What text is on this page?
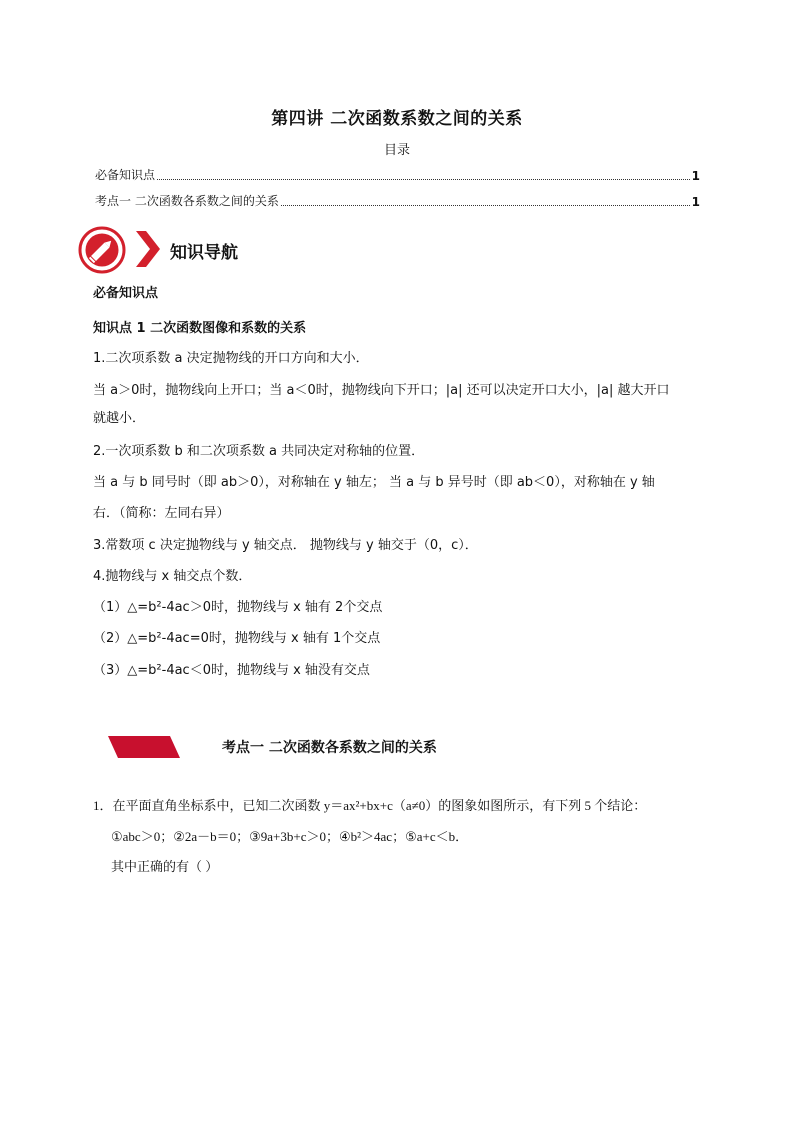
第四讲 二次函数系数之间的关系
目录
必备知识点	1
考点一 二次函数各系数之间的关系	1
知识导航
必备知识点
知识点 1 二次函数图像和系数的关系
1.二次项系数 a 决定抛物线的开口方向和大小．
当 a＞0时，抛物线向上开口；当 a＜0时，抛物线向下开口；|a| 还可以决定开口大小，|a| 越大开口
就越小．
2.一次项系数 b 和二次项系数 a 共同决定对称轴的位置．
当 a 与 b 同号时（即 ab＞0），对称轴在 y 轴左； 当 a 与 b 异号时（即 ab＜0），对称轴在 y 轴
右．（简称：左同右异）
3.常数项 c 决定抛物线与 y 轴交点． 抛物线与 y 轴交于（0，c）．
4.抛物线与 x 轴交点个数．
（1）△=b²-4ac＞0时，抛物线与 x 轴有 2个交点
（2）△=b²-4ac=0时，抛物线与 x 轴有 1个交点
（3）△=b²-4ac＜0时，抛物线与 x 轴没有交点
考点一 二次函数各系数之间的关系
1．在平面直角坐标系中，已知二次函数 y＝ax²+bx+c（a≠0）的图象如图所示，有下列 5 个结论：
①abc＞0；②2a－b＝0；③9a+3b+c＞0；④b²＞4ac；⑤a+c＜b．
其中正确的有（ ）
